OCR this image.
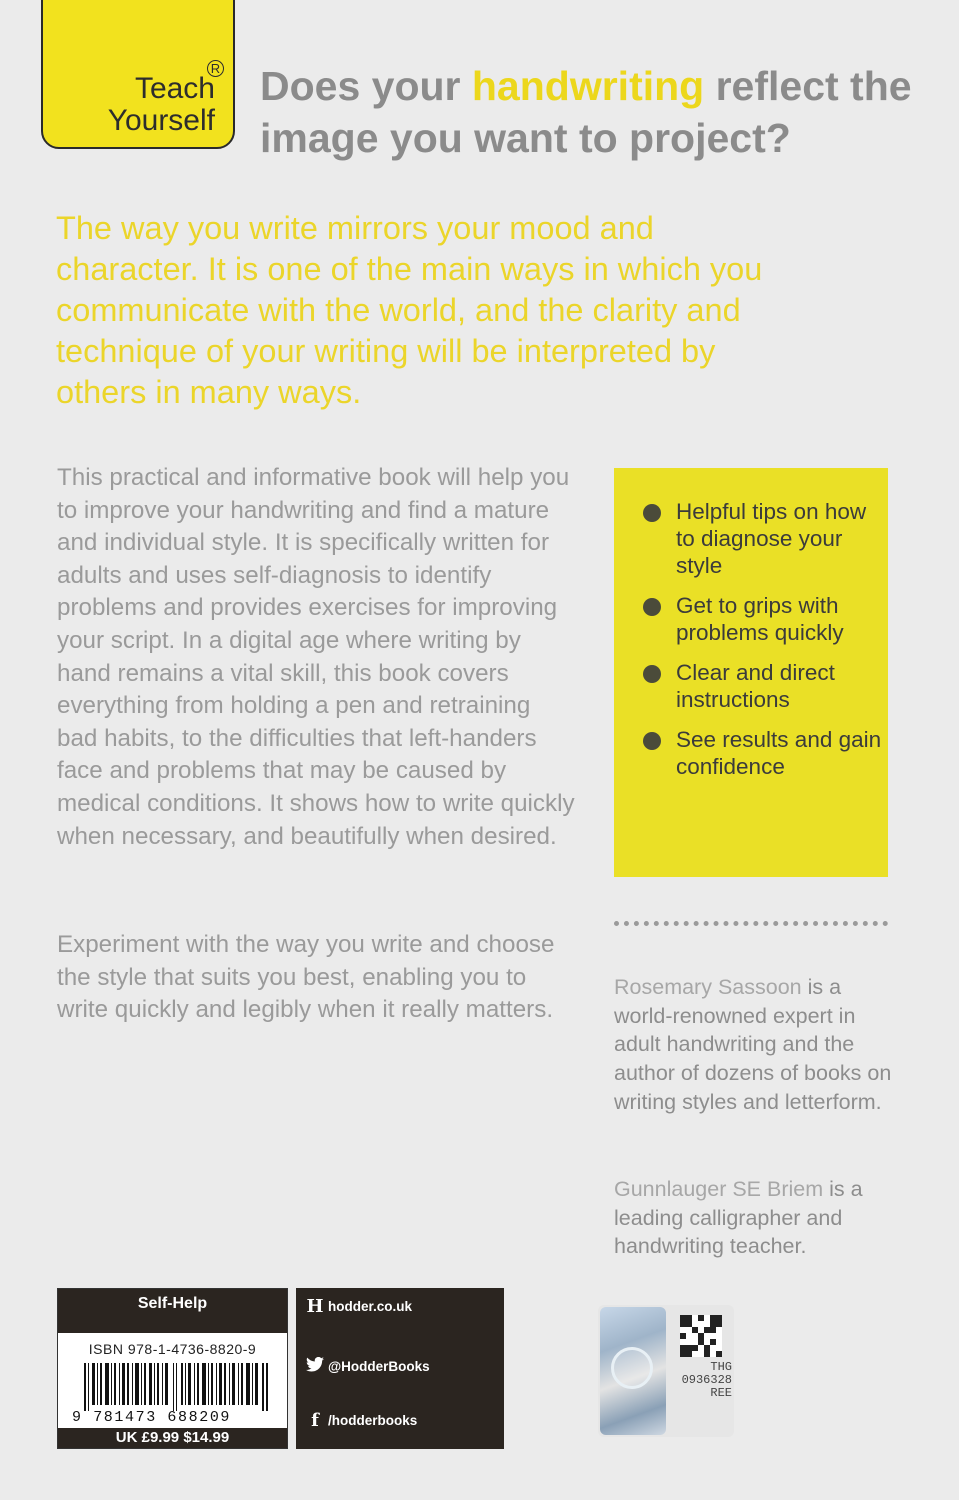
R
Teach
Yourself
Does your handwriting reflect the image you want to project?
The way you write mirrors your mood and character. It is one of the main ways in which you communicate with the world, and the clarity and technique of your writing will be interpreted by others in many ways.
This practical and informative book will help you to improve your handwriting and find a mature and individual style. It is specifically written for adults and uses self-diagnosis to identify problems and provides exercises for improving your script. In a digital age where writing by hand remains a vital skill, this book covers everything from holding a pen and retraining bad habits, to the difficulties that left-handers face and problems that may be caused by medical conditions. It shows how to write quickly when necessary, and beautifully when desired.
Experiment with the way you write and choose the style that suits you best, enabling you to write quickly and legibly when it really matters.
Helpful tips on how to diagnose your style
Get to grips with problems quickly
Clear and direct instructions
See results and gain confidence
Rosemary Sassoon is a world-renowned expert in adult handwriting and the author of dozens of books on writing styles and letterform.
Gunnlauger SE Briem is a leading calligrapher and handwriting teacher.
Self-Help
ISBN 978-1-4736-8820-9
9 781473 688209
UK £9.99 $14.99
H hodder.co.uk
@HodderBooks
f /hodderbooks
THG
0936328
REE
